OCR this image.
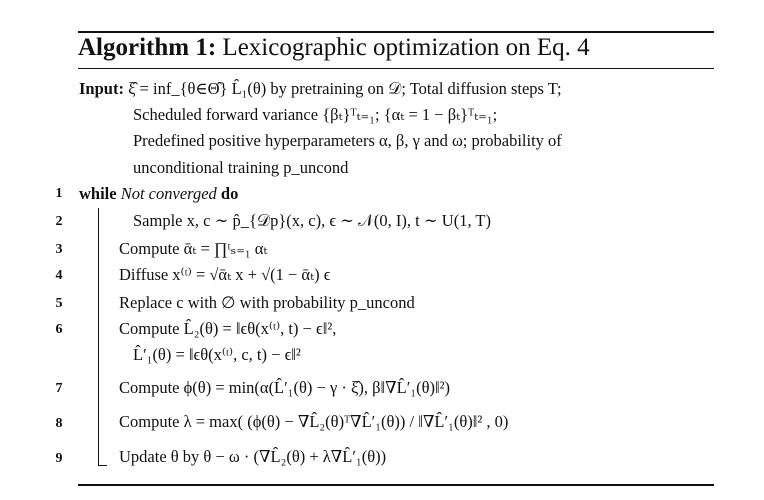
Algorithm 1: Lexicographic optimization on Eq. 4
Input: ξ̂ = inf_{θ∈Θ̂} L̂₁(θ) by pretraining on 𝒟; Total diffusion steps T;
Scheduled forward variance {βₜ}ᵀₜ₌₁; {αₜ = 1 − βₜ}ᵀₜ₌₁;
Predefined positive hyperparameters α, β, γ and ω; probability of
unconditional training p_uncond
1	while Not converged do
2	Sample x, c ∼ p̂_{𝒟p}(x, c), ϵ ∼ 𝒩(0, I), t ∼ U(1, T)
3	Compute ᾱₜ = ∏ᵗₛ₌₁ αₜ
4	Diffuse x⁽ᵗ⁾ = √ᾱₜ x + √(1 − ᾱₜ) ϵ
5	Replace c with ∅ with probability p_uncond
6	Compute L̂₂(θ) = ‖ϵθ(x⁽ᵗ⁾, t) − ϵ‖²,
L̂′₁(θ) = ‖ϵθ(x⁽ᵗ⁾, c, t) − ϵ‖²
7	Compute ϕ(θ) = min(α(L̂′₁(θ) − γ · ξ̂), β‖∇L̂′₁(θ)‖²)
8	Compute λ = max( (ϕ(θ) − ∇L̂₂(θ)ᵀ∇L̂′₁(θ)) / ‖∇L̂′₁(θ)‖² , 0)
9	Update θ by θ − ω · (∇L̂₂(θ) + λ∇L̂′₁(θ))
